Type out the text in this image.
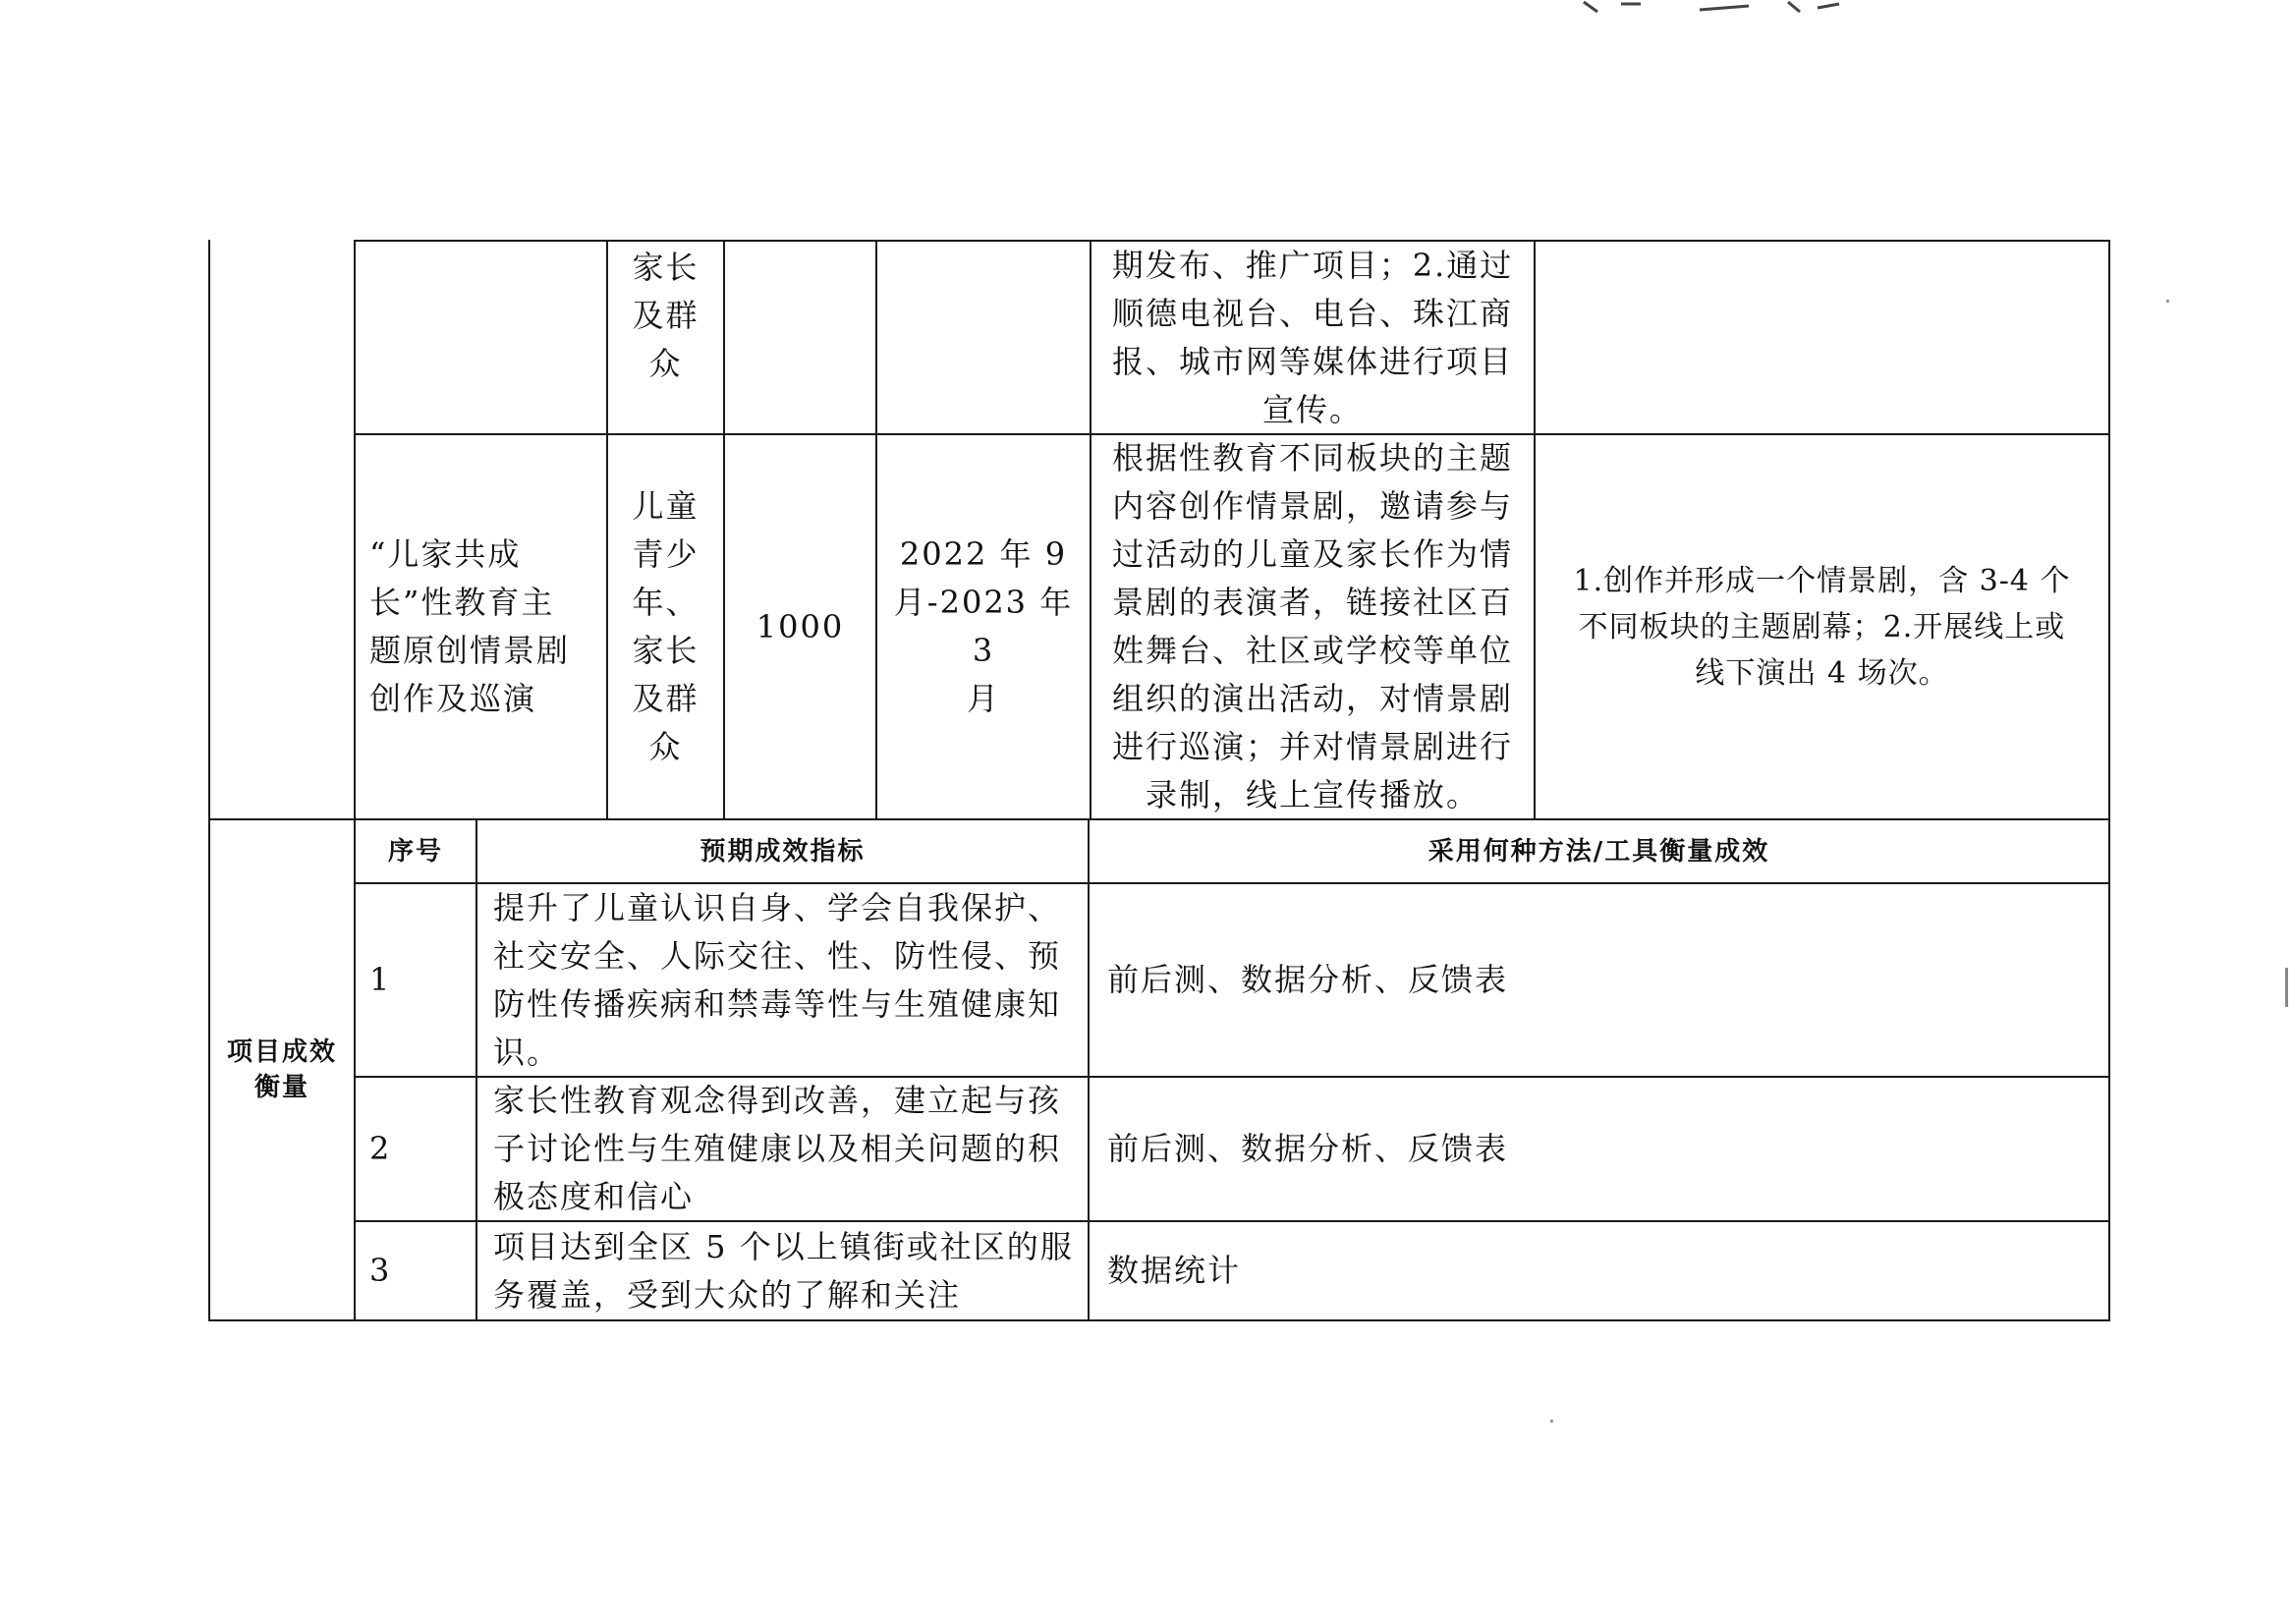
家长
及群
众
期发布、推广项目；2.通过
顺德电视台、电台、珠江商
报、城市网等媒体进行项目
宣传。
“儿家共成
长”性教育主
题原创情景剧
创作及巡演
儿童
青少
年、
家长
及群
众
1000
2022 年 9
月-2023 年 3
月
根据性教育不同板块的主题
内容创作情景剧，邀请参与
过活动的儿童及家长作为情
景剧的表演者，链接社区百
姓舞台、社区或学校等单位
组织的演出活动，对情景剧
进行巡演；并对情景剧进行
录制，线上宣传播放。
1.创作并形成一个情景剧，含 3-4 个
不同板块的主题剧幕；2.开展线上或
线下演出 4 场次。
项目成效
衡量
序号	预期成效指标	采用何种方法/工具衡量成效
1
提升了儿童认识自身、学会自我保护、
社交安全、人际交往、性、防性侵、预
防性传播疾病和禁毒等性与生殖健康知
识。
前后测、数据分析、反馈表
2
家长性教育观念得到改善，建立起与孩
子讨论性与生殖健康以及相关问题的积
极态度和信心
前后测、数据分析、反馈表
3
项目达到全区 5 个以上镇街或社区的服
务覆盖，受到大众的了解和关注
数据统计
